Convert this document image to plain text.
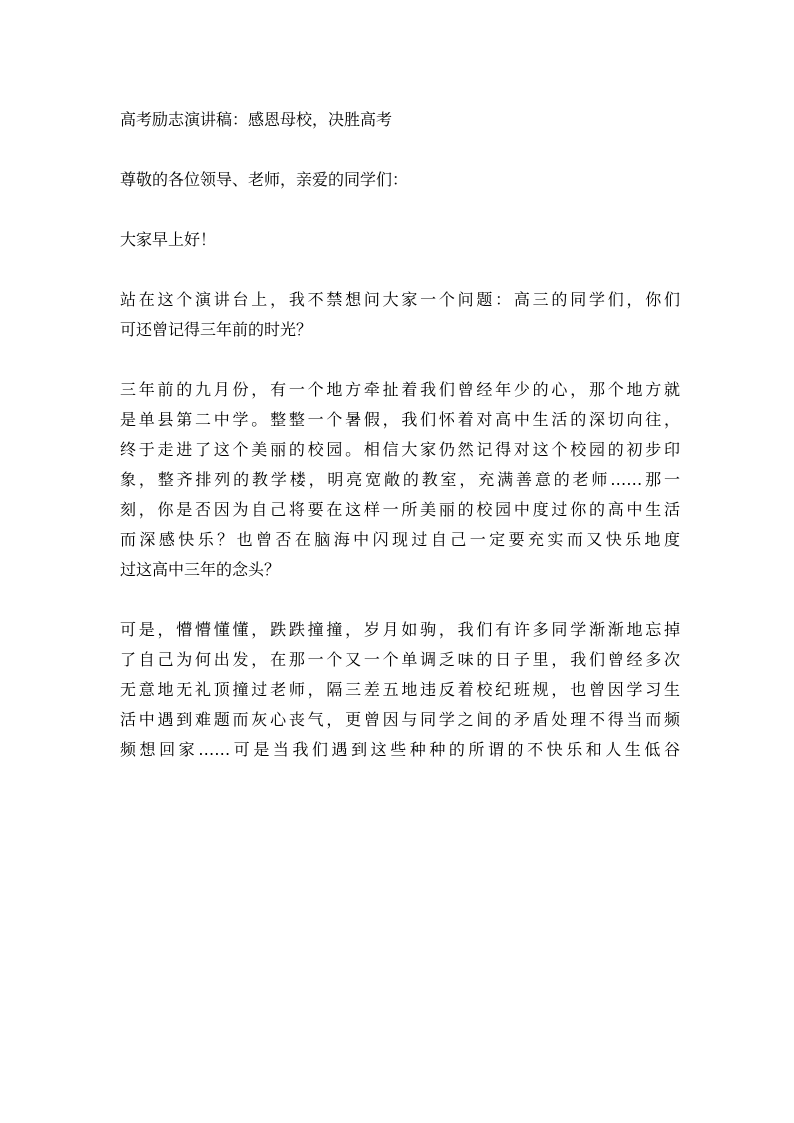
高考励志演讲稿：感恩母校，决胜高考
尊敬的各位领导、老师，亲爱的同学们：
大家早上好！
站在这个演讲台上，我不禁想问大家一个问题：高三的同学们，你们
可还曾记得三年前的时光？
三年前的九月份，有一个地方牵扯着我们曾经年少的心，那个地方就
是单县第二中学。整整一个暑假，我们怀着对高中生活的深切向往，
终于走进了这个美丽的校园。相信大家仍然记得对这个校园的初步印
象，整齐排列的教学楼，明亮宽敞的教室，充满善意的老师……那一
刻，你是否因为自己将要在这样一所美丽的校园中度过你的高中生活
而深感快乐？也曾否在脑海中闪现过自己一定要充实而又快乐地度
过这高中三年的念头？
可是，懵懵懂懂，跌跌撞撞，岁月如驹，我们有许多同学渐渐地忘掉
了自己为何出发，在那一个又一个单调乏味的日子里，我们曾经多次
无意地无礼顶撞过老师，隔三差五地违反着校纪班规，也曾因学习生
活中遇到难题而灰心丧气，更曾因与同学之间的矛盾处理不得当而频
频想回家……可是当我们遇到这些种种的所谓的不快乐和人生低谷
